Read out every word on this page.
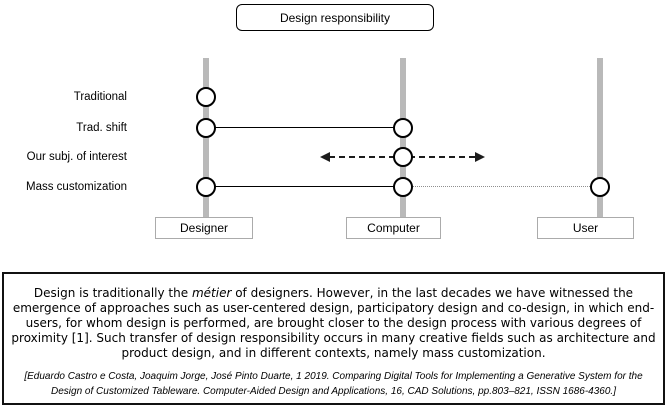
Design responsibility
Traditional
Trad. shift
Our subj. of interest
Mass customization
Designer	Computer	User

Design is traditionally the métier of designers. However, in the last decades we have witnessed the emergence of approaches such as user-centered design, participatory design and co-design, in which end-users, for whom design is performed, are brought closer to the design process with various degrees of proximity [1]. Such transfer of design responsibility occurs in many creative fields such as architecture and product design, and in different contexts, namely mass customization.

[Eduardo Castro e Costa, Joaquim Jorge, José Pinto Duarte, 1 2019. Comparing Digital Tools for Implementing a Generative System for the Design of Customized Tableware. Computer-Aided Design and Applications, 16, CAD Solutions, pp.803–821, ISSN 1686-4360.]
